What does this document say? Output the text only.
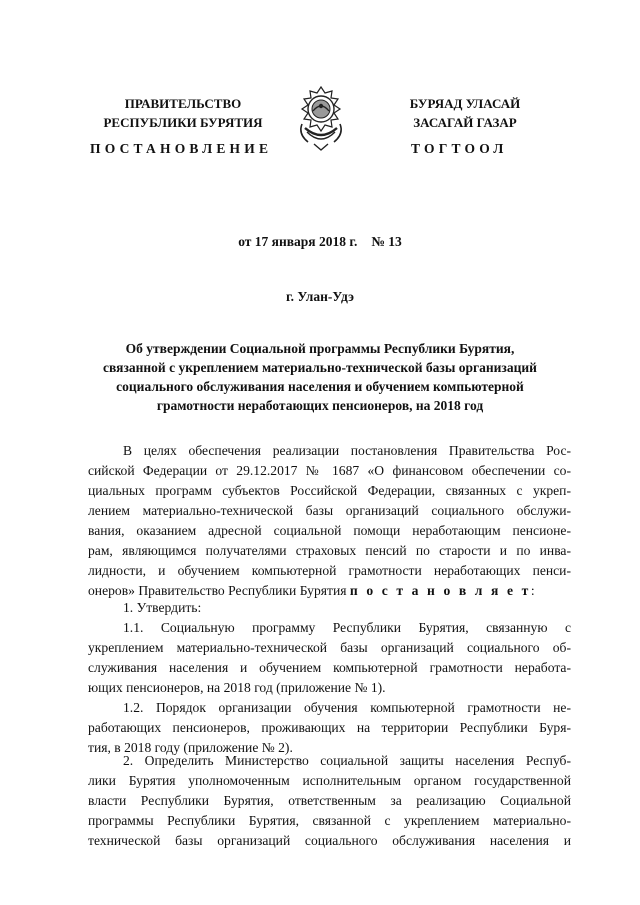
ПРАВИТЕЛЬСТВО
РЕСПУБЛИКИ БУРЯТИЯ
БУРЯАД УЛАСАЙ
ЗАСАГАЙ ГАЗАР
ПОСТАНОВЛЕНИЕ	ТОГТООЛ
от 17 января 2018 г. № 13
г. Улан-Удэ
Об утверждении Социальной программы Республики Бурятия,
связанной с укреплением материально-технической базы организаций
социального обслуживания населения и обучением компьютерной
грамотности неработающих пенсионеров, на 2018 год
В целях обеспечения реализации постановления Правительства Рос-
сийской Федерации от 29.12.2017 № 1687 «О финансовом обеспечении со-
циальных программ субъектов Российской Федерации, связанных с укреп-
лением материально-технической базы организаций социального обслужи-
вания, оказанием адресной социальной помощи неработающим пенсионе-
рам, являющимся получателями страховых пенсий по старости и по инва-
лидности, и обучением компьютерной грамотности неработающих пенси-
онеров» Правительство Республики Бурятия п о с т а н о в л я е т:
1. Утвердить:
1.1. Социальную программу Республики Бурятия, связанную с
укреплением материально-технической базы организаций социального об-
служивания населения и обучением компьютерной грамотности неработа-
ющих пенсионеров, на 2018 год (приложение № 1).
1.2. Порядок организации обучения компьютерной грамотности не-
работающих пенсионеров, проживающих на территории Республики Буря-
тия, в 2018 году (приложение № 2).
2. Определить Министерство социальной защиты населения Респуб-
лики Бурятия уполномоченным исполнительным органом государственной
власти Республики Бурятия, ответственным за реализацию Социальной
программы Республики Бурятия, связанной с укреплением материально-
технической базы организаций социального обслуживания населения и
